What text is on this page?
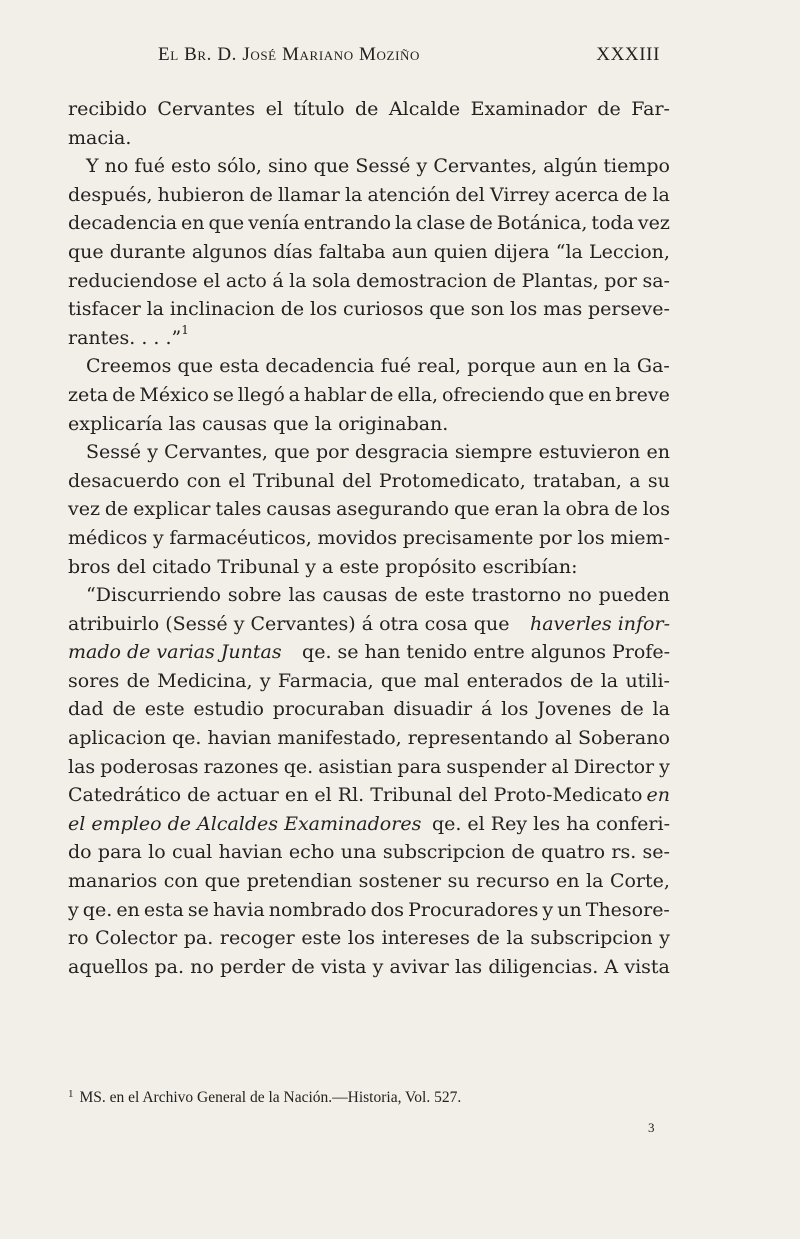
El Br. D. José Mariano Moziño	XXXIII
recibido Cervantes el título de Alcalde Examinador de Far-
macia.
Y no fué esto sólo, sino que Sessé y Cervantes, algún tiempo
después, hubieron de llamar la atención del Virrey acerca de la
decadencia en que venía entrando la clase de Botánica, toda vez
que durante algunos días faltaba aun quien dijera “la Leccion,
reduciendose el acto á la sola demostracion de Plantas, por sa-
tisfacer la inclinacion de los curiosos que son los mas perseve-
rantes. . . .” 1
Creemos que esta decadencia fué real, porque aun en la Ga-
zeta de México se llegó a hablar de ella, ofreciendo que en breve
explicaría las causas que la originaban.
Sessé y Cervantes, que por desgracia siempre estuvieron en
desacuerdo con el Tribunal del Protomedicato, trataban, a su
vez de explicar tales causas asegurando que eran la obra de los
médicos y farmacéuticos, movidos precisamente por los miem-
bros del citado Tribunal y a este propósito escribían:
“Discurriendo sobre las causas de este trastorno no pueden
atribuirlo (Sessé y Cervantes) á otra cosa que haverles infor-
mado de varias Juntas qe. se han tenido entre algunos Profe-
sores de Medicina, y Farmacia, que mal enterados de la utili-
dad de este estudio procuraban disuadir á los Jovenes de la
aplicacion qe. havian manifestado, representando al Soberano
las poderosas razones qe. asistian para suspender al Director y
Catedrático de actuar en el Rl. Tribunal del Proto-Medicato en
el empleo de Alcaldes Examinadores qe. el Rey les ha conferi-
do para lo cual havian echo una subscripcion de quatro rs. se-
manarios con que pretendian sostener su recurso en la Corte,
y qe. en esta se havia nombrado dos Procuradores y un Thesore-
ro Colector pa. recoger este los intereses de la subscripcion y
aquellos pa. no perder de vista y avivar las diligencias. A vista
$^1$ MS. en el Archivo General de la Nación.—Historia, Vol. 527.
3
